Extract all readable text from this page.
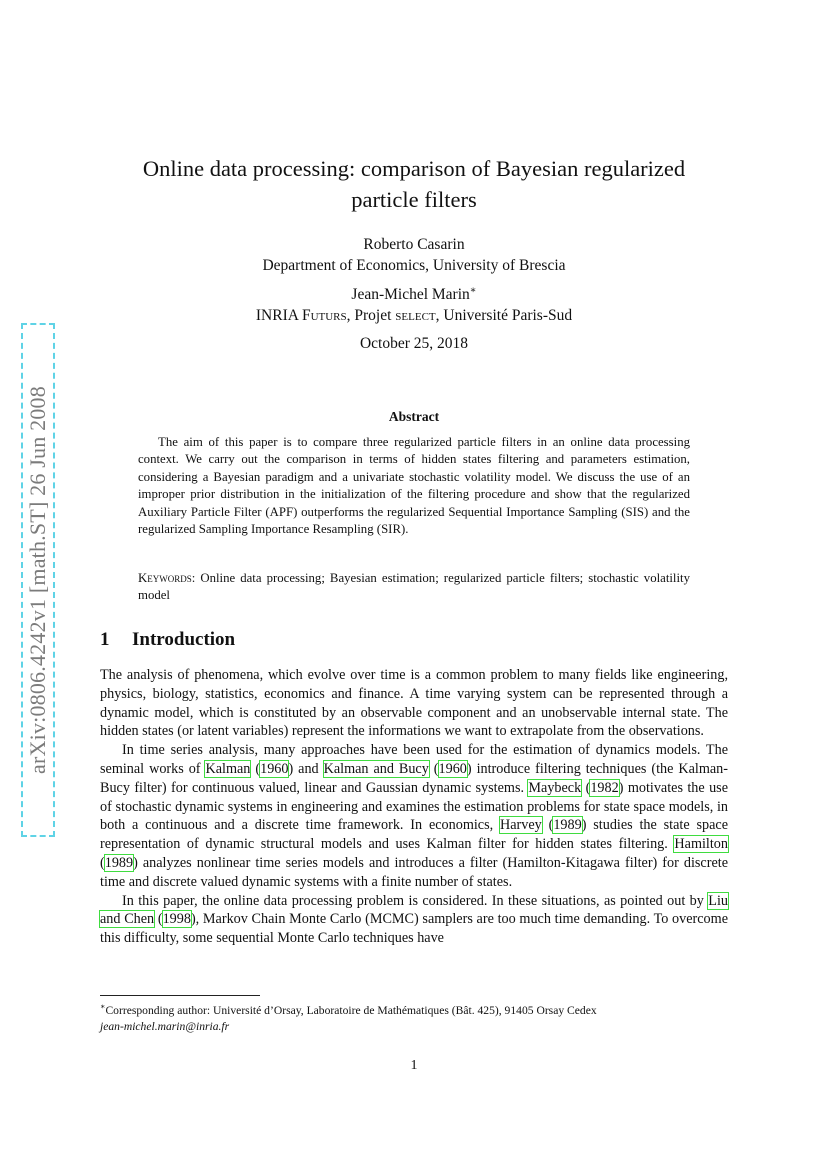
arXiv:0806.4242v1 [math.ST] 26 Jun 2008
Online data processing: comparison of Bayesian regularized
particle filters
Roberto Casarin
Department of Economics, University of Brescia
Jean-Michel Marin∗
INRIA Futurs, Projet select, Université Paris-Sud
October 25, 2018
Abstract
The aim of this paper is to compare three regularized particle filters in an online data processing context. We carry out the comparison in terms of hidden states filtering and parameters estimation, considering a Bayesian paradigm and a univariate stochastic volatility model. We discuss the use of an improper prior distribution in the initialization of the filtering procedure and show that the regularized Auxiliary Particle Filter (APF) outperforms the regularized Sequential Importance Sampling (SIS) and the regularized Sampling Importance Resampling (SIR).
Keywords: Online data processing; Bayesian estimation; regularized particle filters; stochastic volatility model
1 Introduction

The analysis of phenomena, which evolve over time is a common problem to many fields like engineering, physics, biology, statistics, economics and finance. A time varying system can be represented through a dynamic model, which is constituted by an observable component and an unobservable internal state. The hidden states (or latent variables) represent the informations we want to extrapolate from the observations.

In time series analysis, many approaches have been used for the estimation of dynamics models. The seminal works of Kalman (1960) and Kalman and Bucy (1960) introduce filtering techniques (the Kalman-Bucy filter) for continuous valued, linear and Gaussian dynamic systems. Maybeck (1982) motivates the use of stochastic dynamic systems in engineering and examines the estimation problems for state space models, in both a continuous and a discrete time framework. In economics, Harvey (1989) studies the state space representation of dynamic structural models and uses Kalman filter for hidden states filtering. Hamilton (1989) analyzes nonlinear time series models and introduces a filter (Hamilton-Kitagawa filter) for discrete time and discrete valued dynamic systems with a finite number of states.

In this paper, the online data processing problem is considered. In these situations, as pointed out by Liu and Chen (1998), Markov Chain Monte Carlo (MCMC) samplers are too much time demanding. To overcome this difficulty, some sequential Monte Carlo techniques have

∗Corresponding author: Université d’Orsay, Laboratoire de Mathématiques (Bât. 425), 91405 Orsay Cedex
jean-michel.marin@inria.fr
1
